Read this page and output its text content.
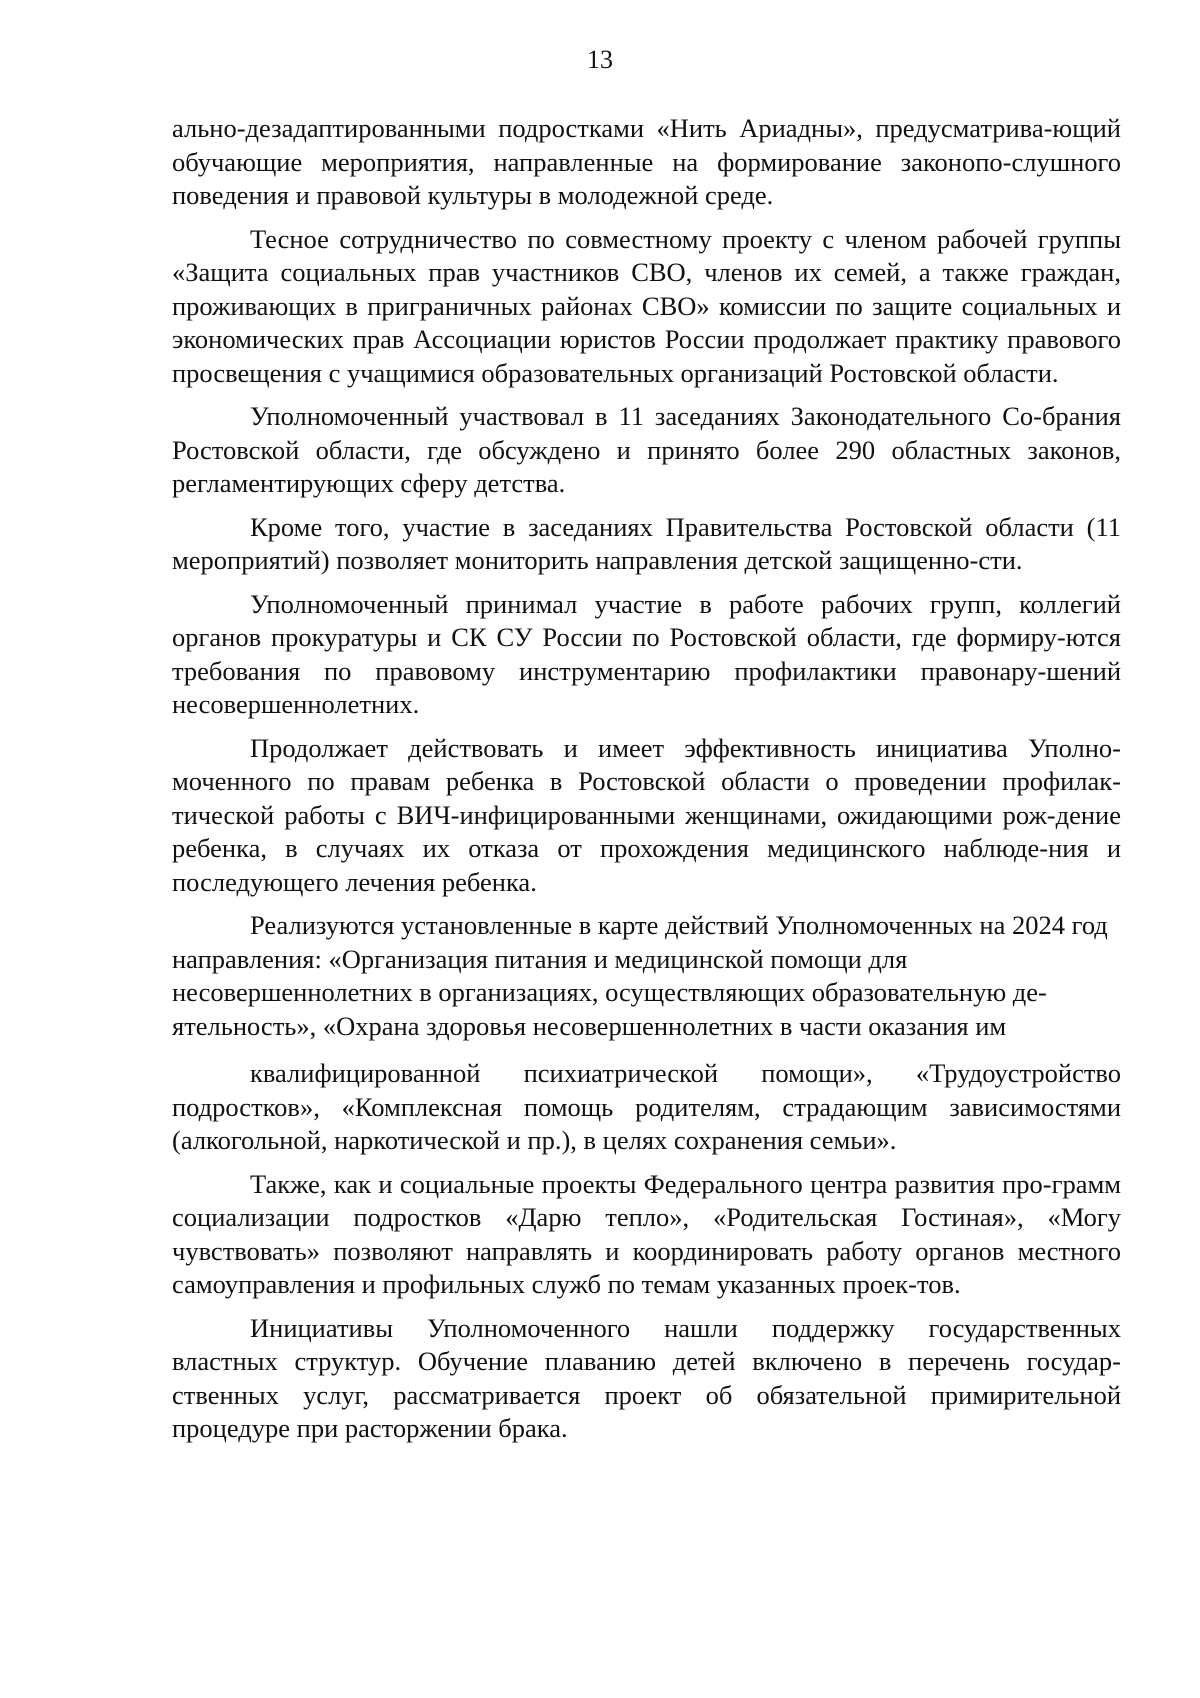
13

ально-дезадаптированными подростками «Нить Ариадны», предусматрива-ющий обучающие мероприятия, направленные на формирование законопо-слушного поведения и правовой культуры в молодежной среде.

Тесное сотрудничество по совместному проекту с членом рабочей группы «Защита социальных прав участников СВО, членов их семей, а также граждан, проживающих в приграничных районах СВО» комиссии по защите социальных и экономических прав Ассоциации юристов России продолжает практику правового просвещения с учащимися образовательных организаций Ростовской области.

Уполномоченный участвовал в 11 заседаниях Законодательного Со-брания Ростовской области, где обсуждено и принято более 290 областных законов, регламентирующих сферу детства.

Кроме того, участие в заседаниях Правительства Ростовской области (11 мероприятий) позволяет мониторить направления детской защищенно-сти.

Уполномоченный принимал участие в работе рабочих групп, коллегий органов прокуратуры и СК СУ России по Ростовской области, где формиру-ются требования по правовому инструментарию профилактики правонару-шений несовершеннолетних.

Продолжает действовать и имеет эффективность инициатива Уполно-моченного по правам ребенка в Ростовской области о проведении профилак-тической работы с ВИЧ-инфицированными женщинами, ожидающими рож-дение ребенка, в случаях их отказа от прохождения медицинского наблюде-ния и последующего лечения ребенка.

Реализуются установленные в карте действий Уполномоченных на 2024 год направления: «Организация питания и медицинской помощи для несовершеннолетних в организациях, осуществляющих образовательную де-ятельность», «Охрана здоровья несовершеннолетних в части оказания им

квалифицированной психиатрической помощи», «Трудоустройство подростков», «Комплексная помощь родителям, страдающим зависимостями (алкогольной, наркотической и пр.), в целях сохранения семьи».

Также, как и социальные проекты Федерального центра развития про-грамм социализации подростков «Дарю тепло», «Родительская Гостиная», «Могу чувствовать» позволяют направлять и координировать работу органов местного самоуправления и профильных служб по темам указанных проек-тов.

Инициативы Уполномоченного нашли поддержку государственных властных структур. Обучение плаванию детей включено в перечень государ-ственных услуг, рассматривается проект об обязательной примирительной процедуре при расторжении брака.
